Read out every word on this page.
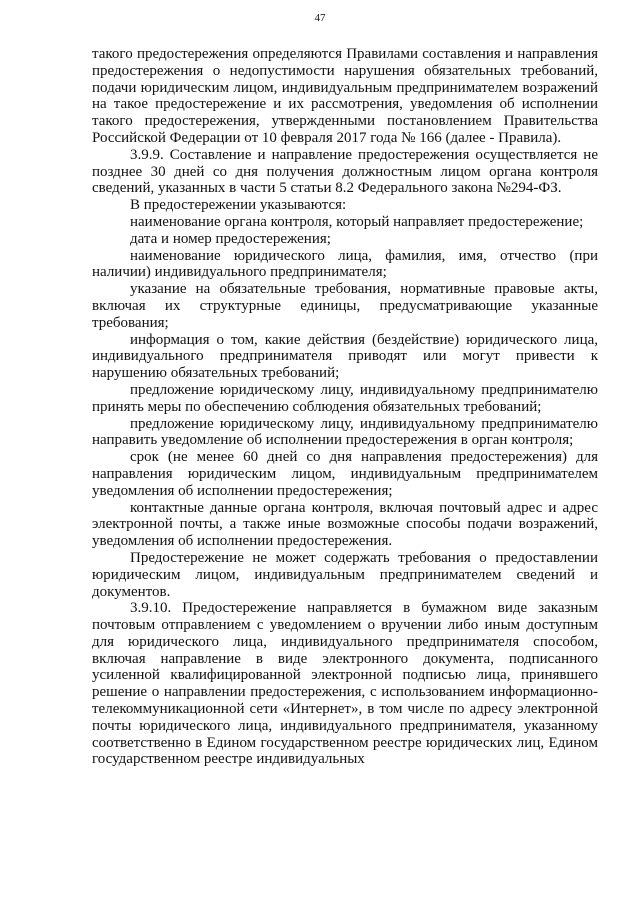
47

такого предостережения определяются Правилами составления и направления предостережения о недопустимости нарушения обязательных требований, подачи юридическим лицом, индивидуальным предпринимателем возражений на такое предостережение и их рассмотрения, уведомления об исполнении такого предостережения, утвержденными постановлением Правительства Российской Федерации от 10 февраля 2017 года № 166 (далее - Правила).

3.9.9. Составление и направление предостережения осуществляется не позднее 30 дней со дня получения должностным лицом органа контроля сведений, указанных в части 5 статьи 8.2 Федерального закона №294-ФЗ.

В предостережении указываются:

наименование органа контроля, который направляет предостережение;

дата и номер предостережения;

наименование юридического лица, фамилия, имя, отчество (при наличии) индивидуального предпринимателя;

указание на обязательные требования, нормативные правовые акты, включая их структурные единицы, предусматривающие указанные требования;

информация о том, какие действия (бездействие) юридического лица, индивидуального предпринимателя приводят или могут привести к нарушению обязательных требований;

предложение юридическому лицу, индивидуальному предпринимателю принять меры по обеспечению соблюдения обязательных требований;

предложение юридическому лицу, индивидуальному предпринимателю направить уведомление об исполнении предостережения в орган контроля;

срок (не менее 60 дней со дня направления предостережения) для направления юридическим лицом, индивидуальным предпринимателем уведомления об исполнении предостережения;

контактные данные органа контроля, включая почтовый адрес и адрес электронной почты, а также иные возможные способы подачи возражений, уведомления об исполнении предостережения.

Предостережение не может содержать требования о предоставлении юридическим лицом, индивидуальным предпринимателем сведений и документов.

3.9.10. Предостережение направляется в бумажном виде заказным почтовым отправлением с уведомлением о вручении либо иным доступным для юридического лица, индивидуального предпринимателя способом, включая направление в виде электронного документа, подписанного усиленной квалифицированной электронной подписью лица, принявшего решение о направлении предостережения, с использованием информационно-телекоммуникационной сети «Интернет», в том числе по адресу электронной почты юридического лица, индивидуального предпринимателя, указанному соответственно в Едином государственном реестре юридических лиц, Едином государственном реестре индивидуальных
